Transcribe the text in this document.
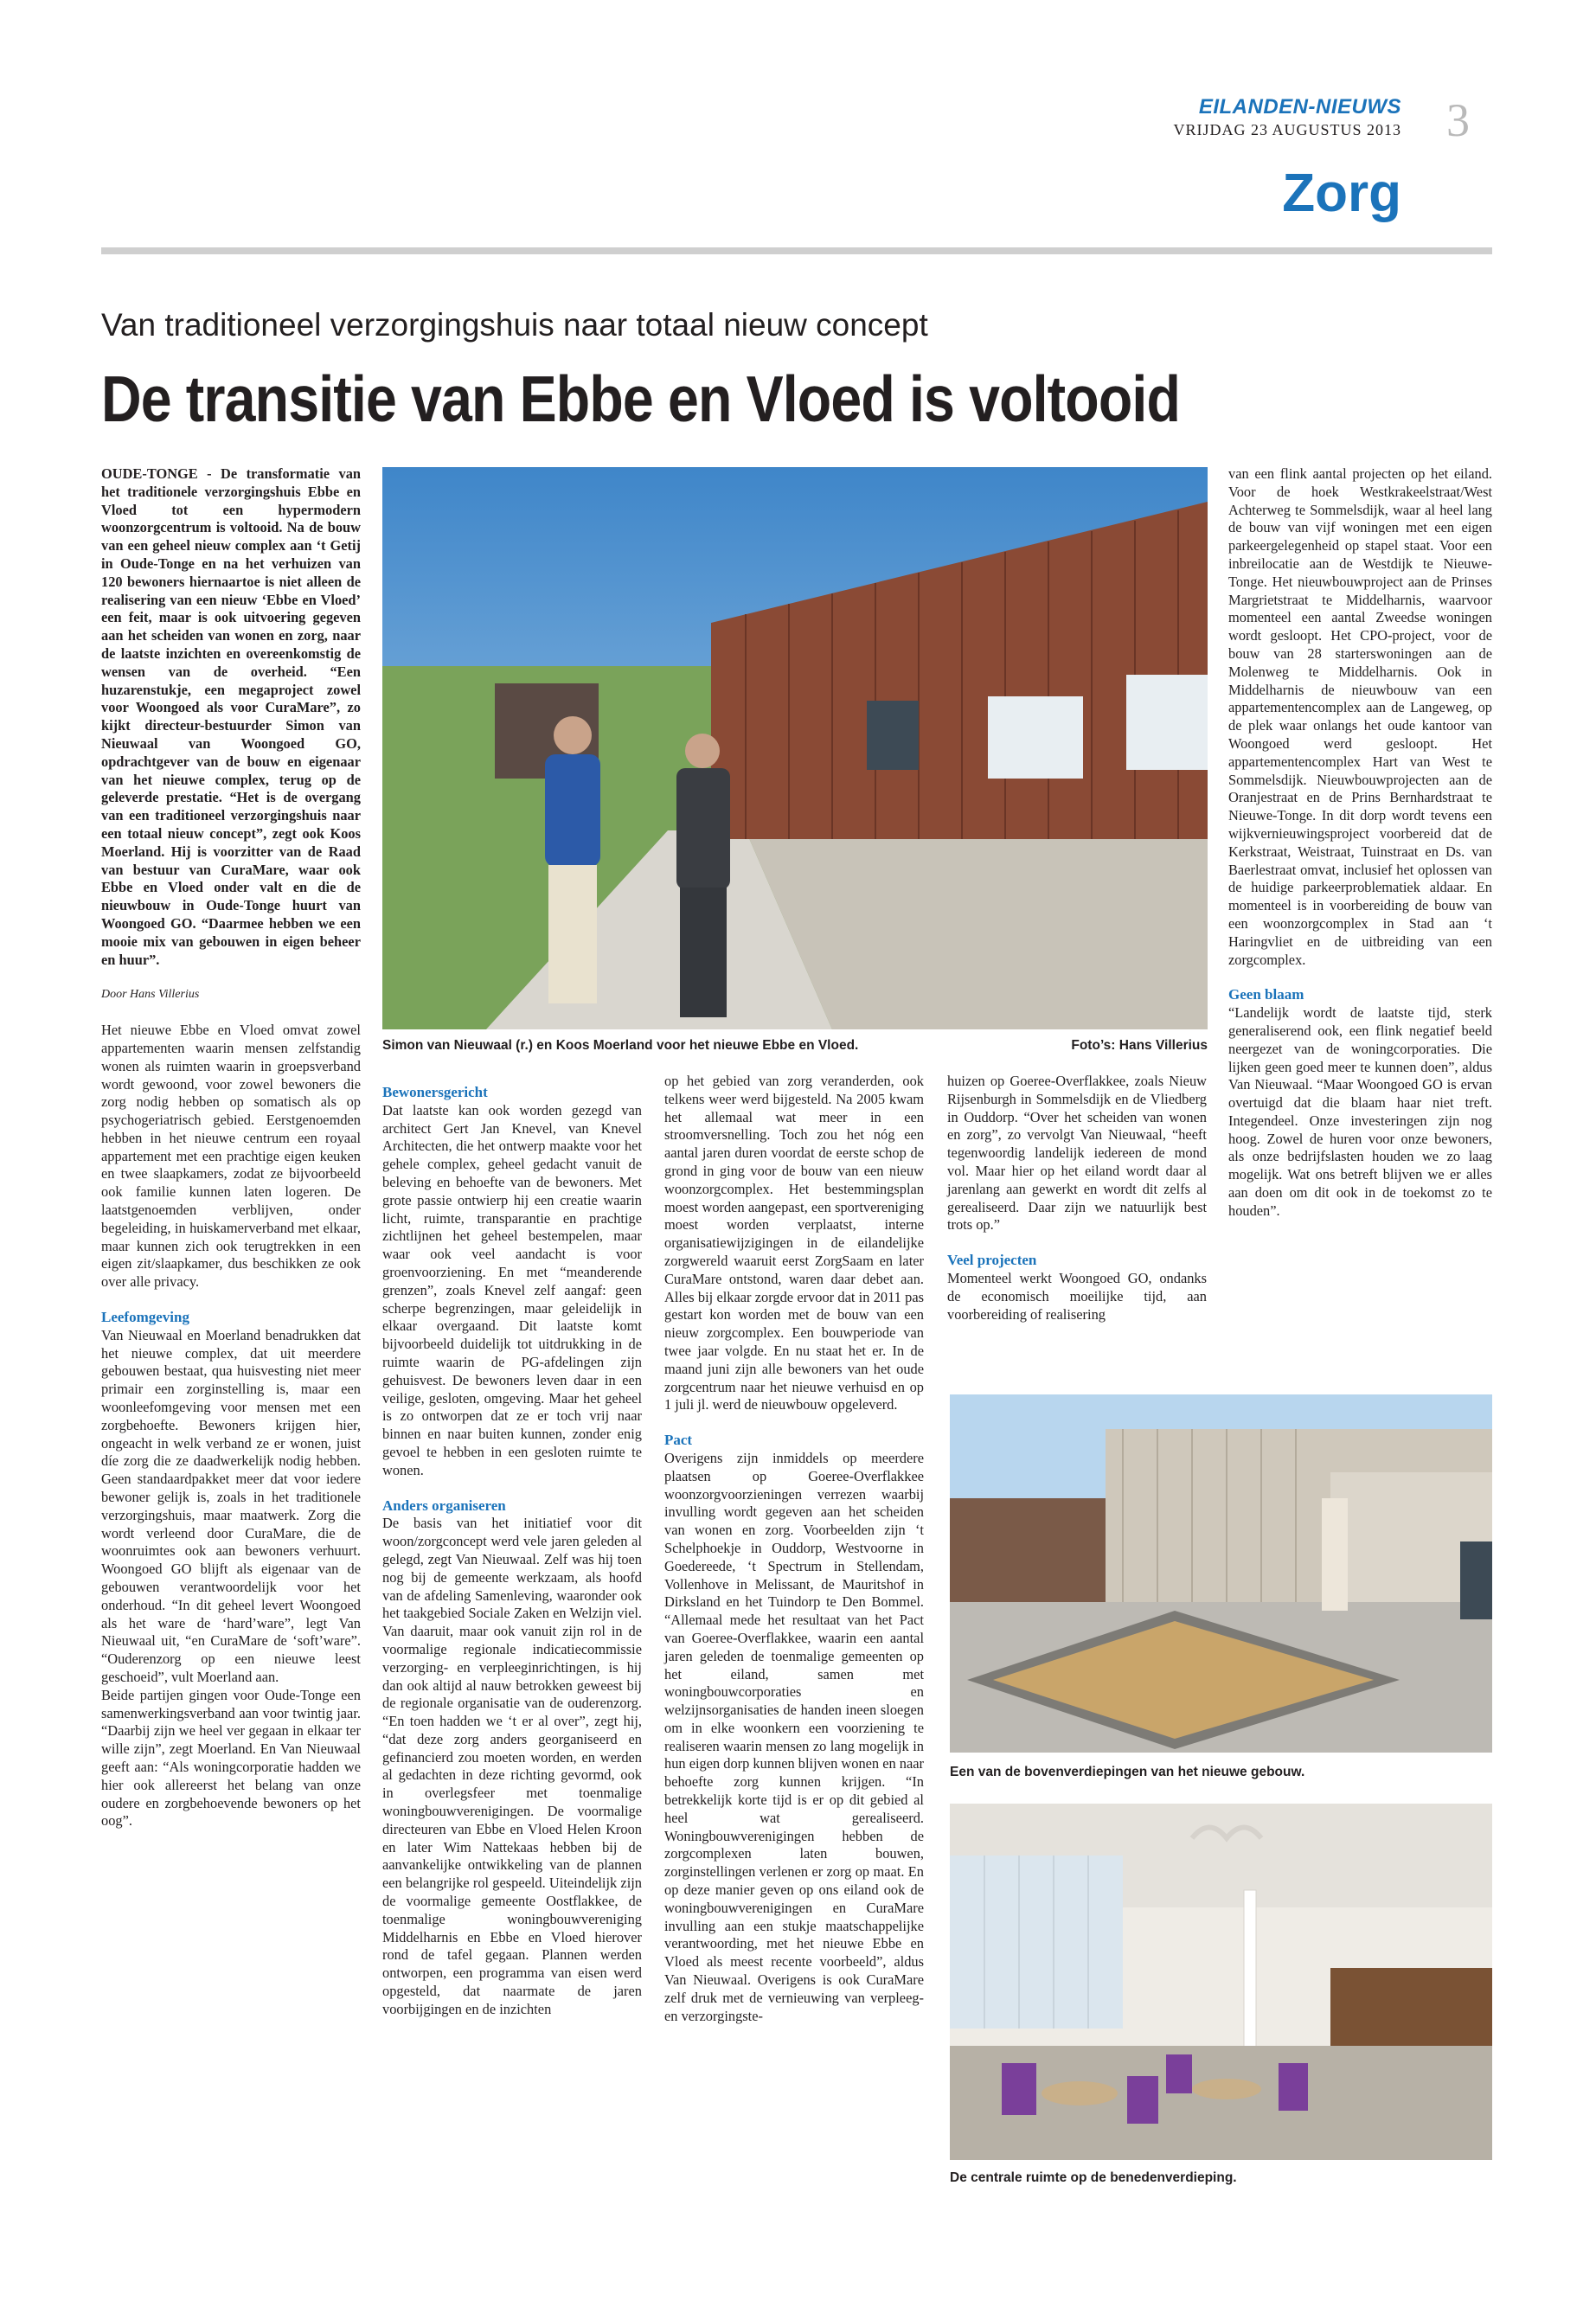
EILANDEN-NIEUWS
VRIJDAG 23 AUGUSTUS 2013 3
Zorg
Van traditioneel verzorgingshuis naar totaal nieuw concept
De transitie van Ebbe en Vloed is voltooid

OUDE-TONGE - De transformatie van het traditionele verzorgingshuis Ebbe en Vloed tot een hypermodern woonzorgcentrum is voltooid. Na de bouw van een geheel nieuw complex aan ‘t Getij in Oude-Tonge en na het verhuizen van 120 bewoners hiernaartoe is niet alleen de realisering van een nieuw ‘Ebbe en Vloed’ een feit, maar is ook uitvoering gegeven aan het scheiden van wonen en zorg, naar de laatste inzichten en overeenkomstig de wensen van de overheid. “Een huzarenstukje, een megaproject zowel voor Woongoed als voor CuraMare”, zo kijkt directeur-bestuurder Simon van Nieuwaal van Woongoed GO, opdrachtgever van de bouw en eigenaar van het nieuwe complex, terug op de geleverde prestatie. “Het is de overgang van een traditioneel verzorgingshuis naar een totaal nieuw concept”, zegt ook Koos Moerland. Hij is voorzitter van de Raad van bestuur van CuraMare, waar ook Ebbe en Vloed onder valt en die de nieuwbouw in Oude-Tonge huurt van Woongoed GO. “Daarmee hebben we een mooie mix van gebouwen in eigen beheer en huur”.

Door Hans Villerius

Het nieuwe Ebbe en Vloed omvat zowel appartementen waarin mensen zelfstandig wonen als ruimten waarin in groepsverband wordt gewoond, voor zowel bewoners die zorg nodig hebben op somatisch als op psychogeriatrisch gebied. Eerstgenoemden hebben in het nieuwe centrum een royaal appartement met een prachtige eigen keuken en twee slaapkamers, zodat ze bijvoorbeeld ook familie kunnen laten logeren. De laatstgenoemden verblijven, onder begeleiding, in huiskamerverband met elkaar, maar kunnen zich ook terugtrekken in een eigen zit/slaapkamer, dus beschikken ze ook over alle privacy.

Leefomgeving

Van Nieuwaal en Moerland benadrukken dat het nieuwe complex, dat uit meerdere gebouwen bestaat, qua huisvesting niet meer primair een zorginstelling is, maar een woonleefomgeving voor mensen met een zorgbehoefte. Bewoners krijgen hier, ongeacht in welk verband ze er wonen, juist díe zorg die ze daadwerkelijk nodig hebben. Geen standaardpakket meer dat voor iedere bewoner gelijk is, zoals in het traditionele verzorgingshuis, maar maatwerk. Zorg die wordt verleend door CuraMare, die de woonruimtes ook aan bewoners verhuurt. Woongoed GO blijft als eigenaar van de gebouwen verantwoordelijk voor het onderhoud. “In dit geheel levert Woongoed als het ware de ‘hard’ware”, legt Van Nieuwaal uit, “en CuraMare de ‘soft’ware”. “Ouderenzorg op een nieuwe leest geschoeid”, vult Moerland aan.

Beide partijen gingen voor Oude-Tonge een samenwerkingsverband aan voor twintig jaar. “Daarbij zijn we heel ver gegaan in elkaar ter wille zijn”, zegt Moerland. En Van Nieuwaal geeft aan: “Als woningcorporatie hadden we hier ook allereerst het belang van onze oudere en zorgbehoevende bewoners op het oog”.

Simon van Nieuwaal (r.) en Koos Moerland voor het nieuwe Ebbe en Vloed.	Foto’s: Hans Villerius

Bewonersgericht

Dat laatste kan ook worden gezegd van architect Gert Jan Knevel, van Knevel Architecten, die het ontwerp maakte voor het gehele complex, geheel gedacht vanuit de beleving en behoefte van de bewoners. Met grote passie ontwierp hij een creatie waarin licht, ruimte, transparantie en prachtige zichtlijnen het geheel bestempelen, maar waar ook veel aandacht is voor groenvoorziening. En met “meanderende grenzen”, zoals Knevel zelf aangaf: geen scherpe begrenzingen, maar geleidelijk in elkaar overgaand. Dit laatste komt bijvoorbeeld duidelijk tot uitdrukking in de ruimte waarin de PG-afdelingen zijn gehuisvest. De bewoners leven daar in een veilige, gesloten, omgeving. Maar het geheel is zo ontworpen dat ze er toch vrij naar binnen en naar buiten kunnen, zonder enig gevoel te hebben in een gesloten ruimte te wonen.

Anders organiseren

De basis van het initiatief voor dit woon/zorgconcept werd vele jaren geleden al gelegd, zegt Van Nieuwaal. Zelf was hij toen nog bij de gemeente werkzaam, als hoofd van de afdeling Samenleving, waaronder ook het taakgebied Sociale Zaken en Welzijn viel. Van daaruit, maar ook vanuit zijn rol in de voormalige regionale indicatiecommissie verzorging- en verpleeginrichtingen, is hij dan ook altijd al nauw betrokken geweest bij de regionale organisatie van de ouderenzorg. “En toen hadden we ‘t er al over”, zegt hij, “dat deze zorg anders georganiseerd en gefinancierd zou moeten worden, en werden al gedachten in deze richting gevormd, ook in overlegsfeer met toenmalige woningbouwverenigingen. De voormalige directeuren van Ebbe en Vloed Helen Kroon en later Wim Nattekaas hebben bij de aanvankelijke ontwikkeling van de plannen een belangrijke rol gespeeld. Uiteindelijk zijn de voormalige gemeente Oostflakkee, de toenmalige woningbouwvereniging Middelharnis en Ebbe en Vloed hierover rond de tafel gegaan. Plannen werden ontworpen, een programma van eisen werd opgesteld, dat naarmate de jaren voorbijgingen en de inzichten

op het gebied van zorg veranderden, ook telkens weer werd bijgesteld. Na 2005 kwam het allemaal wat meer in een stroomversnelling. Toch zou het nóg een aantal jaren duren voordat de eerste schop de grond in ging voor de bouw van een nieuw woonzorgcomplex. Het bestemmingsplan moest worden aangepast, een sportvereniging moest worden verplaatst, interne organisatiewijzigingen in de eilandelijke zorgwereld waaruit eerst ZorgSaam en later CuraMare ontstond, waren daar debet aan. Alles bij elkaar zorgde ervoor dat in 2011 pas gestart kon worden met de bouw van een nieuw zorgcomplex. Een bouwperiode van twee jaar volgde. En nu staat het er. In de maand juni zijn alle bewoners van het oude zorgcentrum naar het nieuwe verhuisd en op 1 juli jl. werd de nieuwbouw opgeleverd.

Pact

Overigens zijn inmiddels op meerdere plaatsen op Goeree-Overflakkee woonzorgvoorzieningen verrezen waarbij invulling wordt gegeven aan het scheiden van wonen en zorg. Voorbeelden zijn ‘t Schelphoekje in Ouddorp, Westvoorne in Goedereede, ‘t Spectrum in Stellendam, Vollenhove in Melissant, de Mauritshof in Dirksland en het Tuindorp te Den Bommel. “Allemaal mede het resultaat van het Pact van Goeree-Overflakkee, waarin een aantal jaren geleden de toenmalige gemeenten op het eiland, samen met woningbouwcorporaties en welzijnsorganisaties de handen ineen sloegen om in elke woonkern een voorziening te realiseren waarin mensen zo lang mogelijk in hun eigen dorp kunnen blijven wonen en naar behoefte zorg kunnen krijgen. “In betrekkelijk korte tijd is er op dit gebied al heel wat gerealiseerd. Woningbouwverenigingen hebben de zorgcomplexen laten bouwen, zorginstellingen verlenen er zorg op maat. En op deze manier geven op ons eiland ook de woningbouwverenigingen en CuraMare invulling aan een stukje maatschappelijke verantwoording, met het nieuwe Ebbe en Vloed als meest recente voorbeeld”, aldus Van Nieuwaal. Overigens is ook CuraMare zelf druk met de vernieuwing van verpleeg- en verzorgingste-

huizen op Goeree-Overflakkee, zoals Nieuw Rijsenburgh in Sommelsdijk en de Vliedberg in Ouddorp. “Over het scheiden van wonen en zorg”, zo vervolgt Van Nieuwaal, “heeft tegenwoordig landelijk iedereen de mond vol. Maar hier op het eiland wordt daar al jarenlang aan gewerkt en wordt dit zelfs al gerealiseerd. Daar zijn we natuurlijk best trots op.”

Veel projecten

Momenteel werkt Woongoed GO, ondanks de economisch moeilijke tijd, aan voorbereiding of realisering

van een flink aantal projecten op het eiland. Voor de hoek Westkrakeelstraat/West Achterweg te Sommelsdijk, waar al heel lang de bouw van vijf woningen met een eigen parkeergelegenheid op stapel staat. Voor een inbreilocatie aan de Westdijk te Nieuwe-Tonge. Het nieuwbouwproject aan de Prinses Margrietstraat te Middelharnis, waarvoor momenteel een aantal Zweedse woningen wordt gesloopt. Het CPO-project, voor de bouw van 28 starterswoningen aan de Molenweg te Middelharnis. Ook in Middelharnis de nieuwbouw van een appartementencomplex aan de Langeweg, op de plek waar onlangs het oude kantoor van Woongoed werd gesloopt. Het appartementencomplex Hart van West te Sommelsdijk. Nieuwbouwprojecten aan de Oranjestraat en de Prins Bernhardstraat te Nieuwe-Tonge. In dit dorp wordt tevens een wijkvernieuwingsproject voorbereid dat de Kerkstraat, Weistraat, Tuinstraat en Ds. van Baerlestraat omvat, inclusief het oplossen van de huidige parkeerproblematiek aldaar. En momenteel is in voorbereiding de bouw van een woonzorgcomplex in Stad aan ‘t Haringvliet en de uitbreiding van een zorgcomplex.

Geen blaam

“Landelijk wordt de laatste tijd, sterk generaliserend ook, een flink negatief beeld neergezet van de woningcorporaties. Die lijken geen goed meer te kunnen doen”, aldus Van Nieuwaal. “Maar Woongoed GO is ervan overtuigd dat die blaam haar niet treft. Integendeel. Onze investeringen zijn nog hoog. Zowel de huren voor onze bewoners, als onze bedrijfslasten houden we zo laag mogelijk. Wat ons betreft blijven we er alles aan doen om dit ook in de toekomst zo te houden”.

Een van de bovenverdiepingen van het nieuwe gebouw.
De centrale ruimte op de benedenverdieping.
